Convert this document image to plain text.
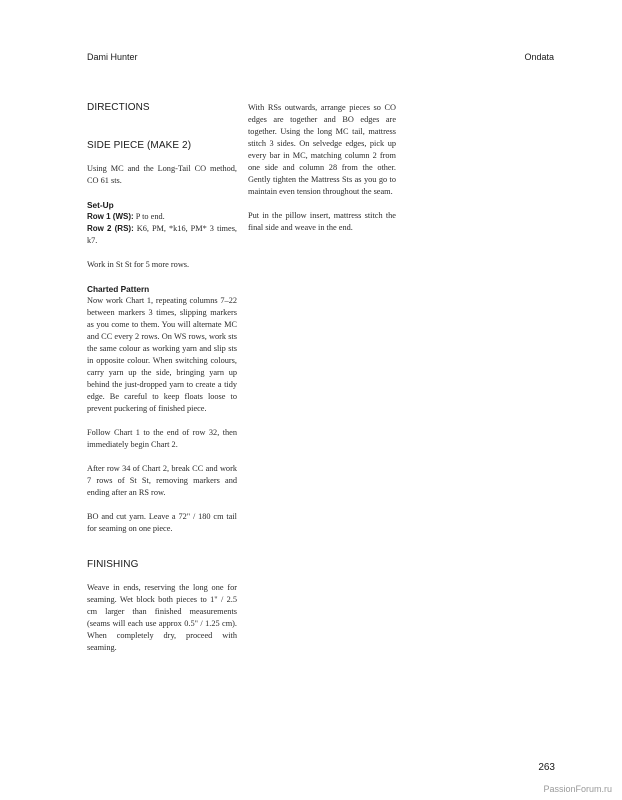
Dami Hunter	Ondata

DIRECTIONS

SIDE PIECE (MAKE 2)

Using MC and the Long-Tail CO method, CO 61 sts.

Set-Up

Row 1 (WS): P to end.

Row 2 (RS): K6, PM, *k16, PM* 3 times, k7.

Work in St St for 5 more rows.

Charted Pattern

Now work Chart 1, repeating columns 7–22 between markers 3 times, slipping markers as you come to them. You will alternate MC and CC every 2 rows. On WS rows, work sts the same colour as working yarn and slip sts in opposite colour. When switching colours, carry yarn up the side, bringing yarn up behind the just-dropped yarn to create a tidy edge. Be careful to keep floats loose to prevent puckering of finished piece.

Follow Chart 1 to the end of row 32, then immediately begin Chart 2.

After row 34 of Chart 2, break CC and work 7 rows of St St, removing markers and ending after an RS row.

BO and cut yarn. Leave a 72" / 180 cm tail for seaming on one piece.

FINISHING

Weave in ends, reserving the long one for seaming. Wet block both pieces to 1" / 2.5 cm larger than finished measurements (seams will each use approx 0.5" / 1.25 cm). When completely dry, proceed with seaming.

With RSs outwards, arrange pieces so CO edges are together and BO edges are together. Using the long MC tail, mattress stitch 3 sides. On selvedge edges, pick up every bar in MC, matching column 2 from one side and column 28 from the other. Gently tighten the Mattress Sts as you go to maintain even tension throughout the seam.

Put in the pillow insert, mattress stitch the final side and weave in the end.

263
PassionForum.ru
